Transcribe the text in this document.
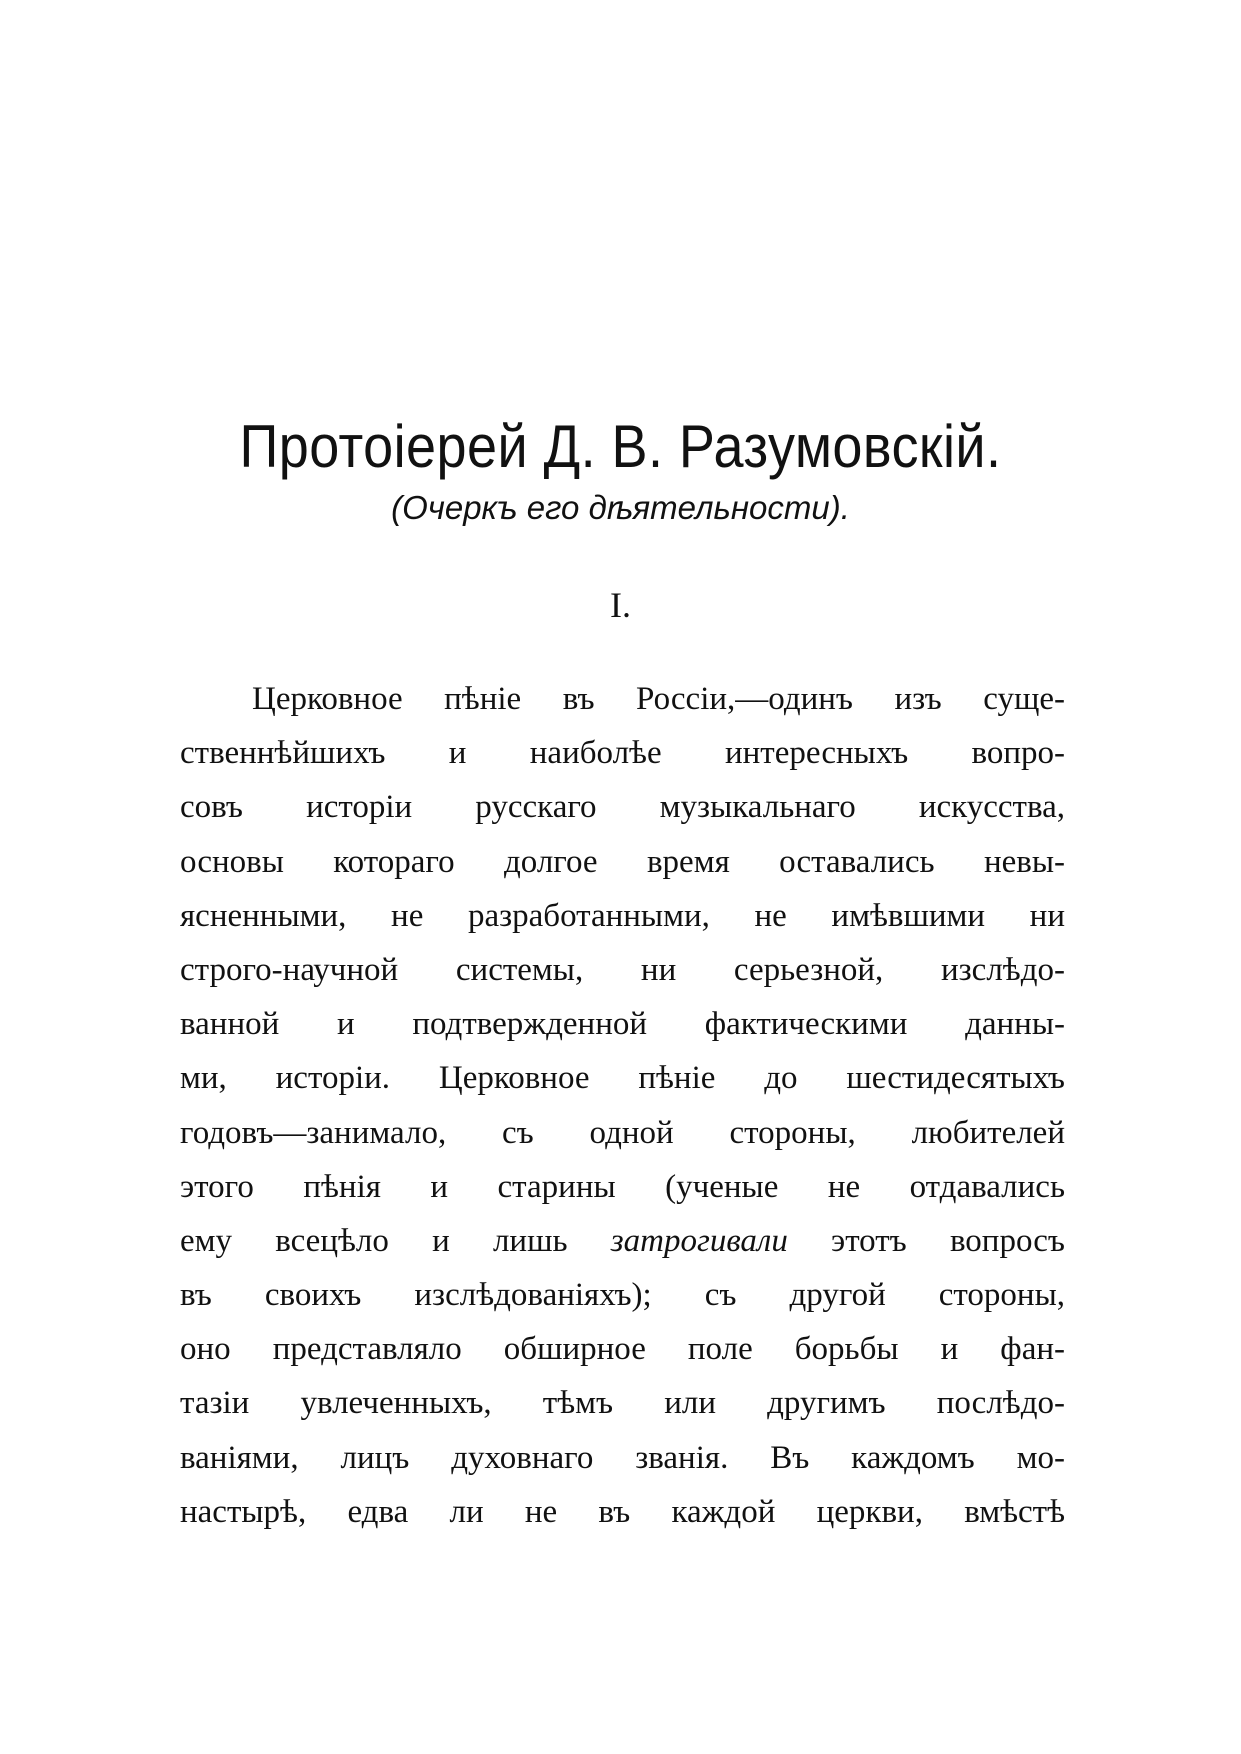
Протоіерей Д. В. Разумовскій.
(Очеркъ его дѣятельности).
I.
Церковное пѣніе въ Россіи,—одинъ изъ суще-
ственнѣйшихъ и наиболѣе интересныхъ вопро-
совъ исторіи русскаго музыкальнаго искусства,
основы котораго долгое время оставались невы-
ясненными, не разработанными, не имѣвшими ни
строго-научной системы, ни серьезной, изслѣдо-
ванной и подтвержденной фактическими данны-
ми, исторіи. Церковное пѣніе до шестидесятыхъ
годовъ—занимало, съ одной стороны, любителей
этого пѣнія и старины (ученые не отдавались
ему всецѣло и лишь затрогивали этотъ вопросъ
въ своихъ изслѣдованіяхъ); съ другой стороны,
оно представляло обширное поле борьбы и фан-
тазіи увлеченныхъ, тѣмъ или другимъ послѣдо-
ваніями, лицъ духовнаго званія. Въ каждомъ мо-
настырѣ, едва ли не въ каждой церкви, вмѣстѣ
